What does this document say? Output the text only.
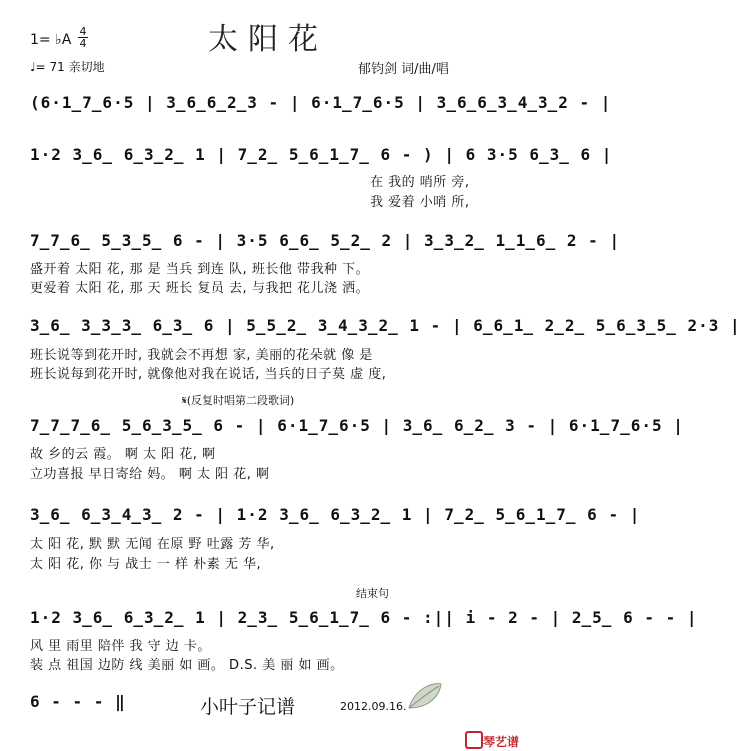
太阳花
1= ♭A
4
4
♩= 71 亲切地	郁钧剑 词/曲/唱
(6·1̲7̲6·5 | 3̲6̲6̲2̲3 - | 6·1̲7̲6·5 | 3̲6̲6̲3̲4̲3̲2 - |
1·2 3̲6̲ 6̲3̲2̲ 1 | 7̲2̲ 5̲6̲1̲7̲ 6 - ) | 6 3·5 6̲3̲ 6 |
在 我的 哨所 旁,
我 爱着 小哨 所,
7̲7̲6̲ 5̲3̲5̲ 6 - | 3·5 6̲6̲ 5̲2̲ 2 | 3̲3̲2̲ 1̲1̲6̲ 2 - |
盛开着 太阳 花, 那 是 当兵 到连 队, 班长他 带我种 下。
更爱着 太阳 花, 那 天 班长 复员 去, 与我把 花儿浇 洒。
3̲6̲ 3̲3̲3̲ 6̲3̲ 6 | 5̲5̲2̲ 3̲4̲3̲2̲ 1 - | 6̲6̲1̲ 2̲2̲ 5̲6̲3̲5̲ 2·3 |
班长说等到花开时, 我就会不再想 家, 美丽的花朵就 像 是
班长说每到花开时, 就像他对我在说话, 当兵的日子莫 虚 度,
𝄋(反复时唱第二段歌词)
7̲7̲7̲6̲ 5̲6̲3̲5̲ 6 - | 6·1̲7̲6·5 | 3̲6̲ 6̲2̲ 3 - | 6·1̲7̲6·5 |
故 乡的云 霞。 啊 太 阳 花, 啊
立功喜报 早日寄给 妈。 啊 太 阳 花, 啊
3̲6̲ 6̲3̲4̲3̲ 2 - | 1·2 3̲6̲ 6̲3̲2̲ 1 | 7̲2̲ 5̲6̲1̲7̲ 6 - |
太 阳 花, 默 默 无闻 在原 野 吐露 芳 华,
太 阳 花, 你 与 战士 一 样 朴素 无 华,
结束句
1·2 3̲6̲ 6̲3̲2̲ 1 | 2̲3̲ 5̲6̲1̲7̲ 6 - :|| i - 2 - | 2̲5̲ 6 - - |
风 里 雨里 陪伴 我 守 边 卡。
装 点 祖国 边防 线 美丽 如 画。 D.S. 美 丽 如 画。
6 - - - ‖	小叶子记谱	2012.09.16.
琴艺谱
